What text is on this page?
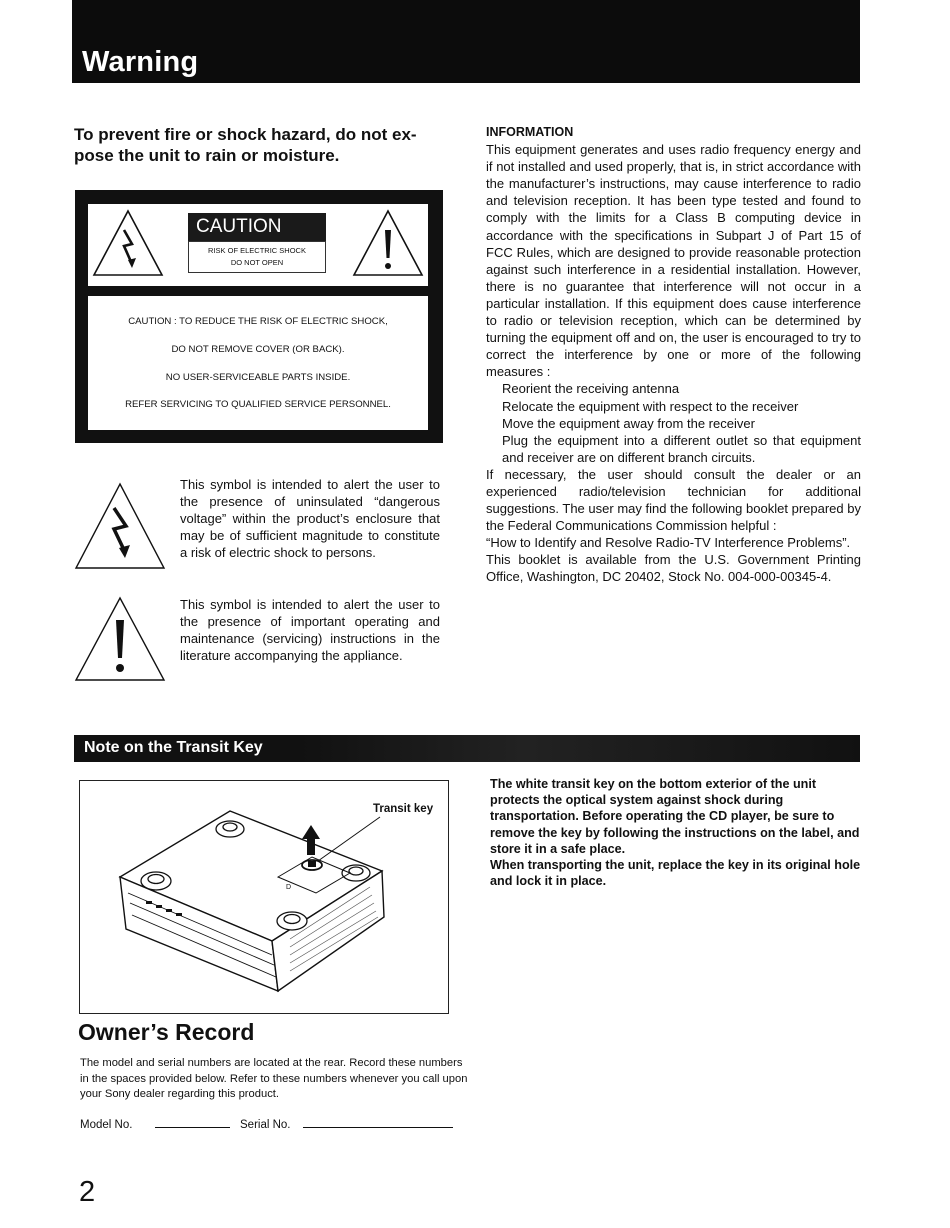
Warning
To prevent fire or shock hazard, do not ex-pose the unit to rain or moisture.
CAUTION
RISK OF ELECTRIC SHOCK
DO NOT OPEN
CAUTION : TO REDUCE THE RISK OF ELECTRIC SHOCK,
DO NOT REMOVE COVER (OR BACK).
NO USER-SERVICEABLE PARTS INSIDE.
REFER SERVICING TO QUALIFIED SERVICE PERSONNEL.
This symbol is intended to alert the user to the presence of uninsulated “dangerous voltage” within the product’s enclosure that may be of sufficient magnitude to constitute a risk of electric shock to persons.
This symbol is intended to alert the user to the presence of important operating and maintenance (servicing) instructions in the literature accompanying the appliance.

INFORMATION

This equipment generates and uses radio frequency energy and if not installed and used properly, that is, in strict accordance with the manufacturer’s instructions, may cause interference to radio and television reception. It has been type tested and found to comply with the limits for a Class B computing device in accordance with the specifications in Subpart J of Part 15 of FCC Rules, which are designed to provide reasonable protection against such interference in a residential installation. However, there is no guarantee that interference will not occur in a particular installation. If this equipment does cause interference to radio or television reception, which can be determined by turning the equipment off and on, the user is encouraged to try to correct the interference by one or more of the following measures :

Reorient the receiving antenna

Relocate the equipment with respect to the receiver

Move the equipment away from the receiver

Plug the equipment into a different outlet so that equipment and receiver are on different branch circuits.

If necessary, the user should consult the dealer or an experienced radio/television technician for additional suggestions. The user may find the following booklet prepared by the Federal Communications Commission helpful :

“How to Identify and Resolve Radio-TV Interference Problems”.

This booklet is available from the U.S. Government Printing Office, Washington, DC 20402, Stock No. 004-000-00345-4.

Note on the Transit Key
D
Transit key
The white transit key on the bottom exterior of the unit protects the optical system against shock during transportation. Before operating the CD player, be sure to remove the key by following the instructions on the label, and store it in a safe place.
When transporting the unit, replace the key in its original hole and lock it in place.
Owner’s Record
The model and serial numbers are located at the rear. Record these numbers in the spaces provided below. Refer to these numbers whenever you call upon your Sony dealer regarding this product.
Model No.	Serial No.
2
